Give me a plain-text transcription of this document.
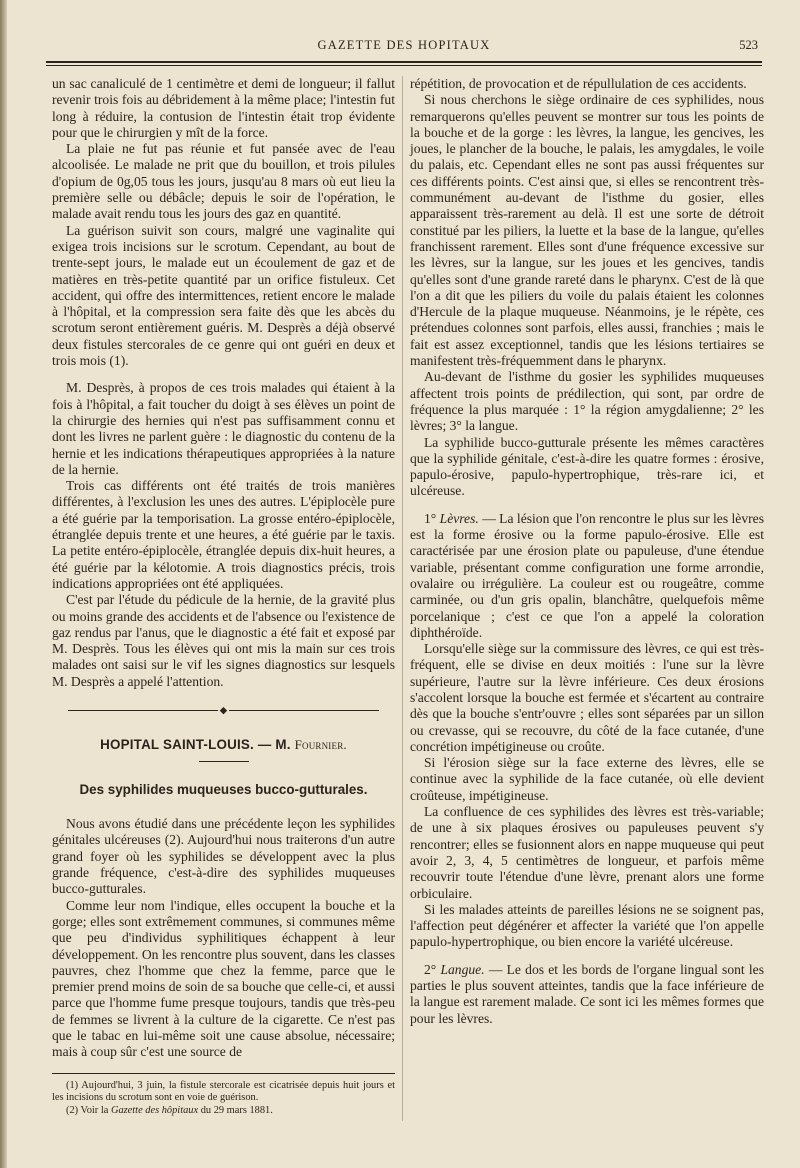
GAZETTE DES HOPITAUX	523

un sac canaliculé de 1 centimètre et demi de longueur; il fallut revenir trois fois au débridement à la même place; l'intestin fut long à réduire, la contusion de l'intestin était trop évidente pour que le chirurgien y mît de la force.

La plaie ne fut pas réunie et fut pansée avec de l'eau alcoolisée. Le malade ne prit que du bouillon, et trois pilules d'opium de 0g,05 tous les jours, jusqu'au 8 mars où eut lieu la première selle ou débâcle; depuis le soir de l'opération, le malade avait rendu tous les jours des gaz en quantité.

La guérison suivit son cours, malgré une vaginalite qui exigea trois incisions sur le scrotum. Cependant, au bout de trente-sept jours, le malade eut un écoulement de gaz et de matières en très-petite quantité par un orifice fistuleux. Cet accident, qui offre des intermittences, retient encore le malade à l'hôpital, et la compression sera faite dès que les abcès du scrotum seront entièrement guéris. M. Desprès a déjà observé deux fistules stercorales de ce genre qui ont guéri en deux et trois mois (1).

M. Desprès, à propos de ces trois malades qui étaient à la fois à l'hôpital, a fait toucher du doigt à ses élèves un point de la chirurgie des hernies qui n'est pas suffisamment connu et dont les livres ne parlent guère : le diagnostic du contenu de la hernie et les indications thérapeutiques appropriées à la nature de la hernie.

Trois cas différents ont été traités de trois manières différentes, à l'exclusion les unes des autres. L'épiplocèle pure a été guérie par la temporisation. La grosse entéro-épiplocèle, étranglée depuis trente et une heures, a été guérie par le taxis. La petite entéro-épiplocèle, étranglée depuis dix-huit heures, a été guérie par la kélotomie. A trois diagnostics précis, trois indications appropriées ont été appliquées.

C'est par l'étude du pédicule de la hernie, de la gravité plus ou moins grande des accidents et de l'absence ou l'existence de gaz rendus par l'anus, que le diagnostic a été fait et exposé par M. Desprès. Tous les élèves qui ont mis la main sur ces trois malades ont saisi sur le vif les signes diagnostics sur lesquels M. Desprès a appelé l'attention.

◆
HOPITAL SAINT-LOUIS. — M. Fournier.
Des syphilides muqueuses bucco-gutturales.

Nous avons étudié dans une précédente leçon les syphilides génitales ulcéreuses (2). Aujourd'hui nous traiterons d'un autre grand foyer où les syphilides se développent avec la plus grande fréquence, c'est-à-dire des syphilides muqueuses bucco-gutturales.

Comme leur nom l'indique, elles occupent la bouche et la gorge; elles sont extrêmement communes, si communes même que peu d'individus syphilitiques échappent à leur développement. On les rencontre plus souvent, dans les classes pauvres, chez l'homme que chez la femme, parce que le premier prend moins de soin de sa bouche que celle-ci, et aussi parce que l'homme fume presque toujours, tandis que très-peu de femmes se livrent à la culture de la cigarette. Ce n'est pas que le tabac en lui-même soit une cause absolue, nécessaire; mais à coup sûr c'est une source de

(1) Aujourd'hui, 3 juin, la fistule stercorale est cicatrisée depuis huit jours et les incisions du scrotum sont en voie de guérison.

(2) Voir la Gazette des hôpitaux du 29 mars 1881.

répétition, de provocation et de répullulation de ces accidents.

Si nous cherchons le siège ordinaire de ces syphilides, nous remarquerons qu'elles peuvent se montrer sur tous les points de la bouche et de la gorge : les lèvres, la langue, les gencives, les joues, le plancher de la bouche, le palais, les amygdales, le voile du palais, etc. Cependant elles ne sont pas aussi fréquentes sur ces différents points. C'est ainsi que, si elles se rencontrent très-communément au-devant de l'isthme du gosier, elles apparaissent très-rarement au delà. Il est une sorte de détroit constitué par les piliers, la luette et la base de la langue, qu'elles franchissent rarement. Elles sont d'une fréquence excessive sur les lèvres, sur la langue, sur les joues et les gencives, tandis qu'elles sont d'une grande rareté dans le pharynx. C'est de là que l'on a dit que les piliers du voile du palais étaient les colonnes d'Hercule de la plaque muqueuse. Néanmoins, je le répète, ces prétendues colonnes sont parfois, elles aussi, franchies ; mais le fait est assez exceptionnel, tandis que les lésions tertiaires se manifestent très-fréquemment dans le pharynx.

Au-devant de l'isthme du gosier les syphilides muqueuses affectent trois points de prédilection, qui sont, par ordre de fréquence la plus marquée : 1° la région amygdalienne; 2° les lèvres; 3° la langue.

La syphilide bucco-gutturale présente les mêmes caractères que la syphilide génitale, c'est-à-dire les quatre formes : érosive, papulo-érosive, papulo-hypertrophique, très-rare ici, et ulcéreuse.

1° Lèvres. — La lésion que l'on rencontre le plus sur les lèvres est la forme érosive ou la forme papulo-érosive. Elle est caractérisée par une érosion plate ou papuleuse, d'une étendue variable, présentant comme configuration une forme arrondie, ovalaire ou irrégulière. La couleur est ou rougeâtre, comme carminée, ou d'un gris opalin, blanchâtre, quelquefois même porcelanique ; c'est ce que l'on a appelé la coloration diphthéroïde.

Lorsqu'elle siège sur la commissure des lèvres, ce qui est très-fréquent, elle se divise en deux moitiés : l'une sur la lèvre supérieure, l'autre sur la lèvre inférieure. Ces deux érosions s'accolent lorsque la bouche est fermée et s'écartent au contraire dès que la bouche s'entr'ouvre ; elles sont séparées par un sillon ou crevasse, qui se recouvre, du côté de la face cutanée, d'une concrétion impétigineuse ou croûte.

Si l'érosion siège sur la face externe des lèvres, elle se continue avec la syphilide de la face cutanée, où elle devient croûteuse, impétigineuse.

La confluence de ces syphilides des lèvres est très-variable; de une à six plaques érosives ou papuleuses peuvent s'y rencontrer; elles se fusionnent alors en nappe muqueuse qui peut avoir 2, 3, 4, 5 centimètres de longueur, et parfois même recouvrir toute l'étendue d'une lèvre, prenant alors une forme orbiculaire.

Si les malades atteints de pareilles lésions ne se soignent pas, l'affection peut dégénérer et affecter la variété que l'on appelle papulo-hypertrophique, ou bien encore la variété ulcéreuse.

2° Langue. — Le dos et les bords de l'organe lingual sont les parties le plus souvent atteintes, tandis que la face inférieure de la langue est rarement malade. Ce sont ici les mêmes formes que pour les lèvres.
